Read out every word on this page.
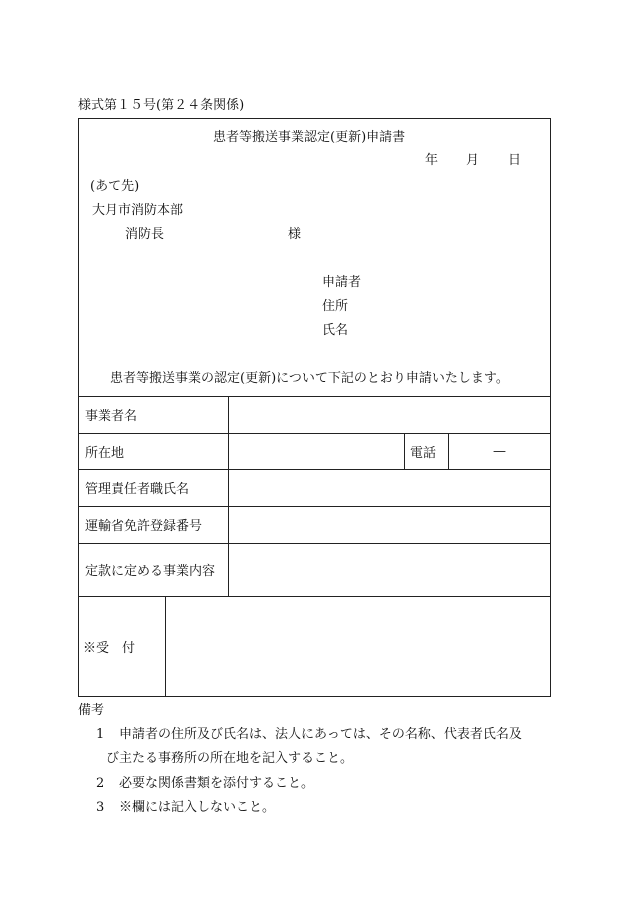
様式第１５号(第２４条関係)
患者等搬送事業認定(更新)申請書
年 月 日
(あて先)
大月市消防本部
消防長	様
申請者
住所
氏名
患者等搬送事業の認定(更新)について下記のとおり申請いたします。
事業者名
所在地	電話	—
管理責任者職氏名
運輸省免許登録番号
定款に定める事業内容
※受　付
備考
1 申請者の住所及び氏名は、法人にあっては、その名称、代表者氏名及
び主たる事務所の所在地を記入すること。
2 必要な関係書類を添付すること。
3 ※欄には記入しないこと。
